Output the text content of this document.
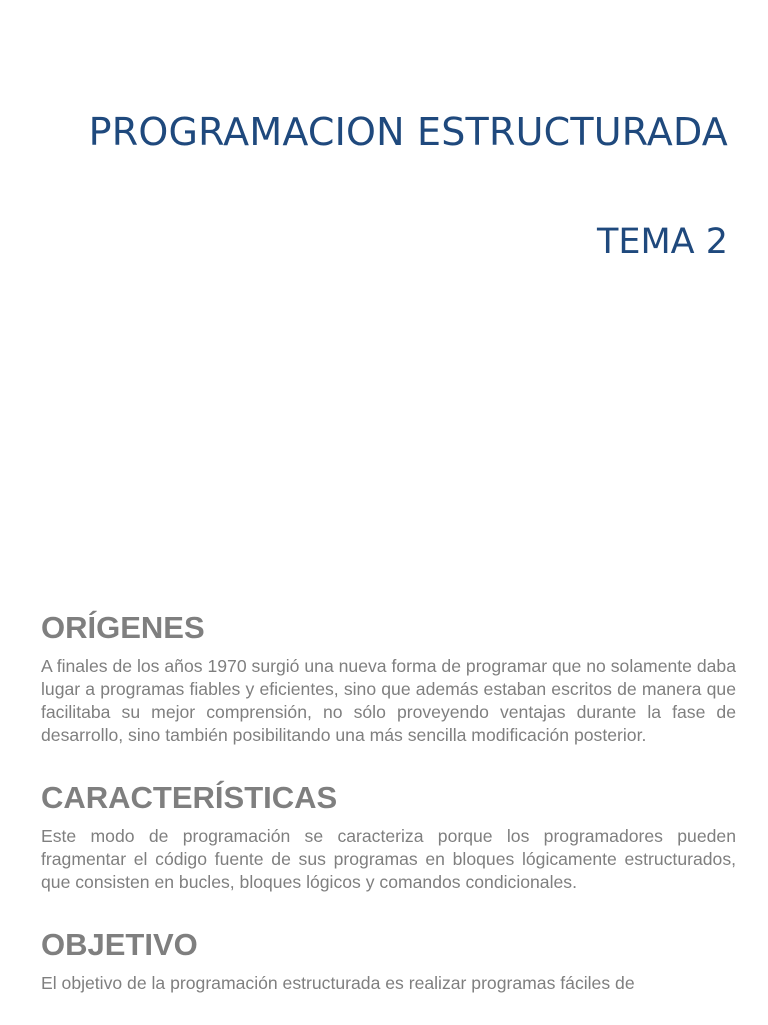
PROGRAMACION ESTRUCTURADA
TEMA 2
ORÍGENES

A finales de los años 1970 surgió una nueva forma de programar que no solamente daba lugar a programas fiables y eficientes, sino que además estaban escritos de manera que facilitaba su mejor comprensión, no sólo proveyendo ventajas durante la fase de desarrollo, sino también posibilitando una más sencilla modificación posterior.

CARACTERÍSTICAS

Este modo de programación se caracteriza porque los programadores pueden fragmentar el código fuente de sus programas en bloques lógicamente estructurados, que consisten en bucles, bloques lógicos y comandos condicionales.

OBJETIVO

El objetivo de la programación estructurada es realizar programas fáciles de
